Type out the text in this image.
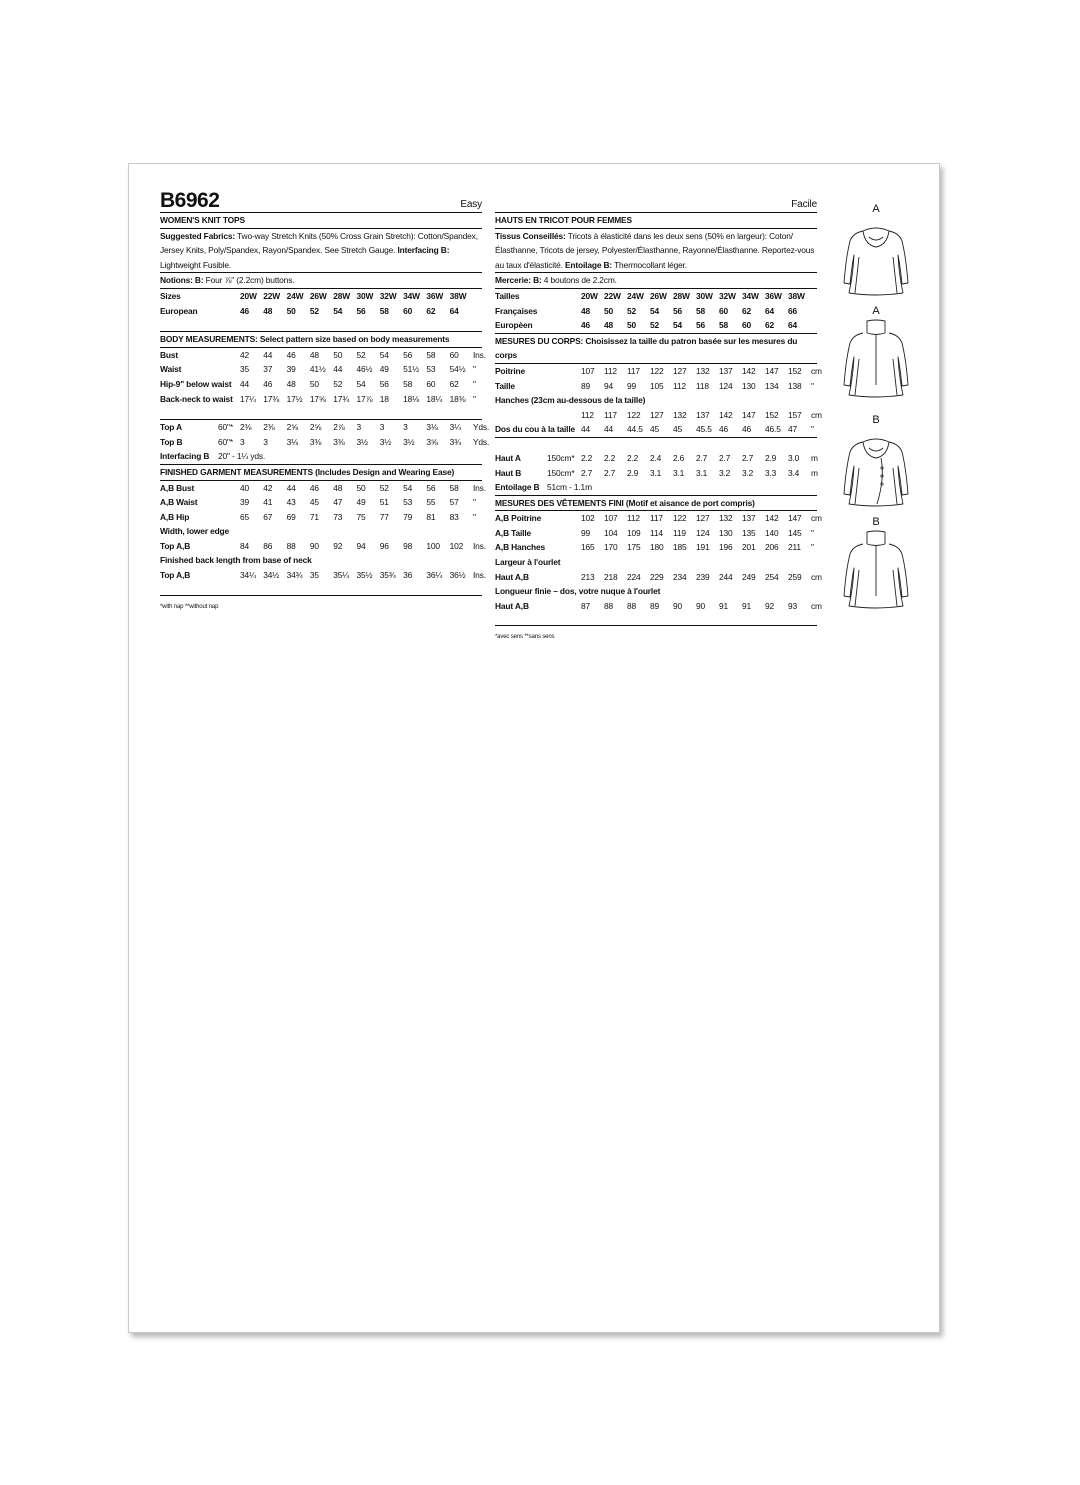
B6962	Easy
WOMEN'S KNIT TOPS
Suggested Fabrics: Two-way Stretch Knits (50% Cross Grain Stretch): Cotton/Spandex, Jersey Knits, Poly/Spandex, Rayon/Spandex. See Stretch Gauge. Interfacing B: Lightweight Fusible.
Notions: B: Four ⅞" (2.2cm) buttons.
Sizes	20W 22W 24W 26W 28W 30W 32W 34W 36W 38W
European	46	48	50	52	54	56	58	60	62	64
BODY MEASUREMENTS: Select pattern size based on body measurements
Bust	42	44	46	48	50	52	54	56	58	60	Ins.
Waist	35	37	39	41½ 44	46½ 49	51½ 53	54½ "
Hip-9" below waist	44	46	48	50	52	54	56	58	60	62	"
Back-neck to waist 17¼ 17⅜ 17½ 17⅝ 17¾ 17⅞ 18	18⅛ 18¼ 18⅜ "
Top A	60"* 2⅜	2⅜	2⅝	2⅝	2⅞	3	3	3	3⅛	3¼	Yds.
Top B	60"* 3	3	3⅛	3⅜	3⅜	3½	3½	3½	3⅝	3¾	Yds.
Interfacing B	20" - 1¼ yds.
FINISHED GARMENT MEASUREMENTS (Includes Design and Wearing Ease)
A,B Bust	40	42	44	46	48	50	52	54	56	58	Ins.
A,B Waist	39	41	43	45	47	49	51	53	55	57	"
A,B Hip	65	67	69	71	73	75	77	79	81	83	"
Width, lower edge
Top A,B	84	86	88	90	92	94	96	98	100	102	Ins.
Finished back length from base of neck
Top A,B	34¼ 34½ 34¾ 35	35¼ 35½ 35¾ 36	36¼ 36½ Ins.
*with nap **without nap
Facile
HAUTS EN TRICOT POUR FEMMES
Tissus Conseillés: Tricots à élasticité dans les deux sens (50% en largeur): Coton/Élasthanne, Tricots de jersey, Polyester/Élasthanne, Rayonne/Élasthanne. Reportez-vous au taux d'élasticité. Entoilage B: Thermocollant léger.
Mercerie: B: 4 boutons de 2.2cm.
Tailles	20W 22W 24W 26W 28W 30W 32W 34W 36W 38W
Françaises	48	50	52	54	56	58	60	62	64	66
Europèen	46	48	50	52	54	56	58	60	62	64
MESURES DU CORPS: Choisissez la taille du patron basée sur les mesures du corps
Poitrine	107	112	117	122	127	132	137	142	147	152	cm
Taille	89	94	99	105	112	118	124	130	134	138	"
Hanches (23cm au-dessous de la taille)
112	117	122	127	132	137	142	147	152	157	cm
Dos du cou à la taille 44	44	44.5 45	45	45.5 46	46	46.5 47	"
Haut A	150cm* 2.2	2.2	2.2	2.4	2.6	2.7	2.7	2.7	2.9	3.0	m
Haut B	150cm* 2.7	2.7	2.9	3.1	3.1	3.1	3.2	3.2	3.3	3.4	m
Entoilage B 51cm - 1.1m
MESURES DES VÊTEMENTS FINI (Motif et aisance de port compris)
A,B Poitrine	102	107	112	117	122	127	132	137	142	147	cm
A,B Taille	99	104	109	114	119	124	130	135	140	145	"
A,B Hanches	165	170	175	180	185	191	196	201	206	211	"
Largeur à l'ourlet
Haut A,B	213	218	224	229	234	239	244	249	254	259	cm
Longueur finie – dos, votre nuque à l'ourlet
Haut A,B	87	88	88	89	90	90	91	91	92	93	cm
*avec sens **sans sens
A
A
B
B
